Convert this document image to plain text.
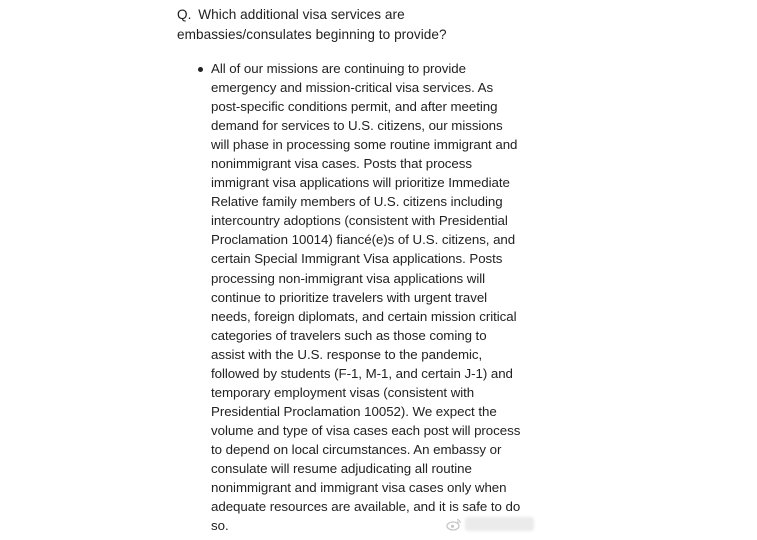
Q. Which additional visa services are
embassies/consulates beginning to provide?

All of our missions are continuing to provide
emergency and mission-critical visa services. As
post-specific conditions permit, and after meeting
demand for services to U.S. citizens, our missions
will phase in processing some routine immigrant and
nonimmigrant visa cases. Posts that process
immigrant visa applications will prioritize Immediate
Relative family members of U.S. citizens including
intercountry adoptions (consistent with Presidential
Proclamation 10014) fiancé(e)s of U.S. citizens, and
certain Special Immigrant Visa applications. Posts
processing non-immigrant visa applications will
continue to prioritize travelers with urgent travel
needs, foreign diplomats, and certain mission critical
categories of travelers such as those coming to
assist with the U.S. response to the pandemic,
followed by students (F-1, M-1, and certain J-1) and
temporary employment visas (consistent with
Presidential Proclamation 10052). We expect the
volume and type of visa cases each post will process
to depend on local circumstances. An embassy or
consulate will resume adjudicating all routine
nonimmigrant and immigrant visa cases only when
adequate resources are available, and it is safe to do
so.
